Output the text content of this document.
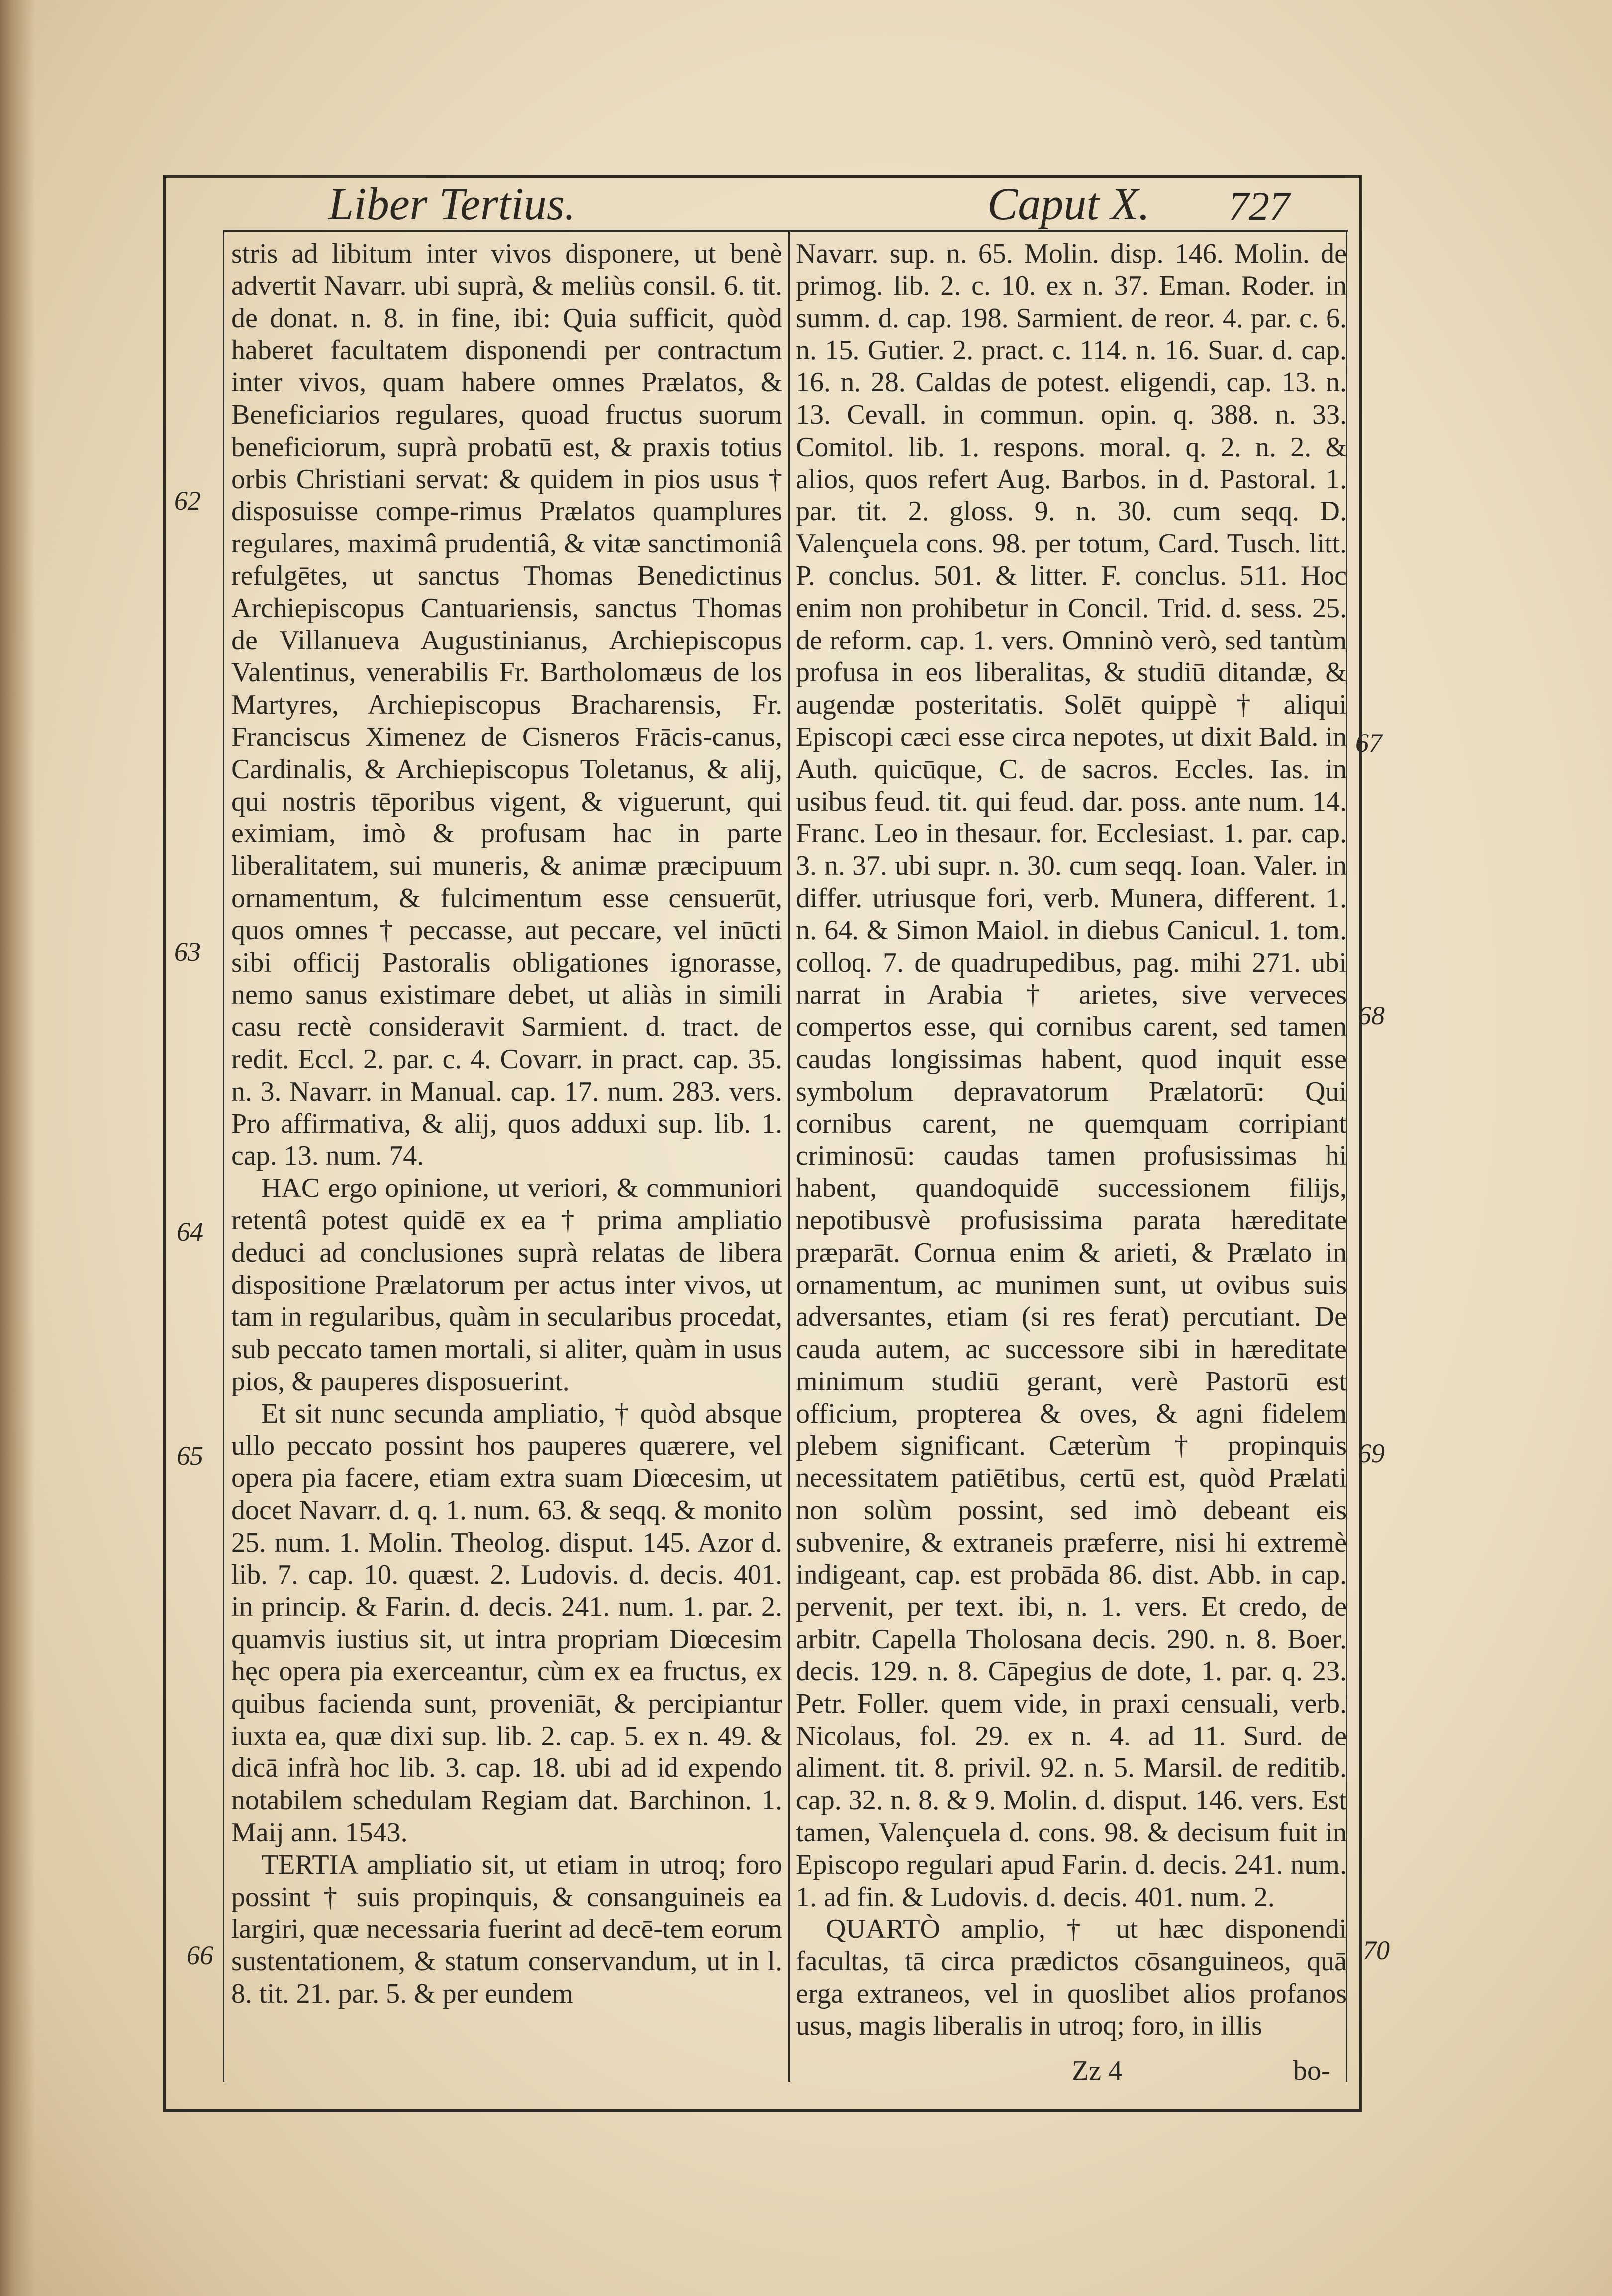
Liber Tertius.	Caput X. 727

stris ad libitum inter vivos disponere, ut benè advertit Navarr. ubi suprà, & meliùs consil. 6. tit. de donat. n. 8. in fine, ibi: Quia sufficit, quòd haberet facultatem disponendi per contractum inter vivos, quam habere omnes Prælatos, & Beneficiarios regulares, quoad fructus suorum beneficiorum, suprà probatū est, & praxis totius orbis Christiani servat: & quidem in pios usus † disposuisse compe-rimus Prælatos quamplures regulares, maximâ prudentiâ, & vitæ sanctimoniâ refulgētes, ut sanctus Thomas Benedictinus Archiepiscopus Cantuariensis, sanctus Thomas de Villanueva Augustinianus, Archiepiscopus Valentinus, venerabilis Fr. Bartholomæus de los Martyres, Archiepiscopus Bracharensis, Fr. Franciscus Ximenez de Cisneros Frācis-canus, Cardinalis, & Archiepiscopus Toletanus, & alij, qui nostris tēporibus vigent, & viguerunt, qui eximiam, imò & profusam hac in parte liberalitatem, sui muneris, & animæ præcipuum ornamentum, & fulcimentum esse censuerūt, quos omnes † peccasse, aut peccare, vel inūcti sibi officij Pastoralis obligationes ignorasse, nemo sanus existimare debet, ut aliàs in simili casu rectè consideravit Sarmient. d. tract. de redit. Eccl. 2. par. c. 4. Covarr. in pract. cap. 35. n. 3. Navarr. in Manual. cap. 17. num. 283. vers. Pro affirmativa, & alij, quos adduxi sup. lib. 1. cap. 13. num. 74.

HAC ergo opinione, ut veriori, & communiori retentâ potest quidē ex ea † prima ampliatio deduci ad conclusiones suprà relatas de libera dispositione Prælatorum per actus inter vivos, ut tam in regularibus, quàm in secularibus procedat, sub peccato tamen mortali, si aliter, quàm in usus pios, & pauperes disposuerint.

Et sit nunc secunda ampliatio, † quòd absque ullo peccato possint hos pauperes quærere, vel opera pia facere, etiam extra suam Diœcesim, ut docet Navarr. d. q. 1. num. 63. & seqq. & monito 25. num. 1. Molin. Theolog. disput. 145. Azor d. lib. 7. cap. 10. quæst. 2. Ludovis. d. decis. 401. in princip. & Farin. d. decis. 241. num. 1. par. 2. quamvis iustius sit, ut intra propriam Diœcesim hęc opera pia exerceantur, cùm ex ea fructus, ex quibus facienda sunt, proveniāt, & percipiantur iuxta ea, quæ dixi sup. lib. 2. cap. 5. ex n. 49. & dicā infrà hoc lib. 3. cap. 18. ubi ad id expendo notabilem schedulam Regiam dat. Barchinon. 1. Maij ann. 1543.

TERTIA ampliatio sit, ut etiam in utroq; foro possint † suis propinquis, & consanguineis ea largiri, quæ necessaria fuerint ad decē-tem eorum sustentationem, & statum conservandum, ut in l. 8. tit. 21. par. 5. & per eundem

Navarr. sup. n. 65. Molin. disp. 146. Molin. de primog. lib. 2. c. 10. ex n. 37. Eman. Roder. in summ. d. cap. 198. Sarmient. de reor. 4. par. c. 6. n. 15. Gutier. 2. pract. c. 114. n. 16. Suar. d. cap. 16. n. 28. Caldas de potest. eligendi, cap. 13. n. 13. Cevall. in commun. opin. q. 388. n. 33. Comitol. lib. 1. respons. moral. q. 2. n. 2. & alios, quos refert Aug. Barbos. in d. Pastoral. 1. par. tit. 2. gloss. 9. n. 30. cum seqq. D. Valençuela cons. 98. per totum, Card. Tusch. litt. P. conclus. 501. & litter. F. conclus. 511. Hoc enim non prohibetur in Concil. Trid. d. sess. 25. de reform. cap. 1. vers. Omninò verò, sed tantùm profusa in eos liberalitas, & studiū ditandæ, & augendæ posteritatis. Solēt quippè † aliqui Episcopi cæci esse circa nepotes, ut dixit Bald. in Auth. quicūque, C. de sacros. Eccles. Ias. in usibus feud. tit. qui feud. dar. poss. ante num. 14. Franc. Leo in thesaur. for. Ecclesiast. 1. par. cap. 3. n. 37. ubi supr. n. 30. cum seqq. Ioan. Valer. in differ. utriusque fori, verb. Munera, different. 1. n. 64. & Simon Maiol. in diebus Canicul. 1. tom. colloq. 7. de quadrupedibus, pag. mihi 271. ubi narrat in Arabia † arietes, sive verveces compertos esse, qui cornibus carent, sed tamen caudas longissimas habent, quod inquit esse symbolum depravatorum Prælatorū: Qui cornibus carent, ne quemquam corripiant criminosū: caudas tamen profusissimas hi habent, quandoquidē successionem filijs, nepotibusvè profusissima parata hæreditate præparāt. Cornua enim & arieti, & Prælato in ornamentum, ac munimen sunt, ut ovibus suis adversantes, etiam (si res ferat) percutiant. De cauda autem, ac successore sibi in hæreditate minimum studiū gerant, verè Pastorū est officium, propterea & oves, & agni fidelem plebem significant. Cæterùm † propinquis necessitatem patiētibus, certū est, quòd Prælati non solùm possint, sed imò debeant eis subvenire, & extraneis præferre, nisi hi extremè indigeant, cap. est probāda 86. dist. Abb. in cap. pervenit, per text. ibi, n. 1. vers. Et credo, de arbitr. Capella Tholosana decis. 290. n. 8. Boer. decis. 129. n. 8. Cāpegius de dote, 1. par. q. 23. Petr. Foller. quem vide, in praxi censuali, verb. Nicolaus, fol. 29. ex n. 4. ad 11. Surd. de aliment. tit. 8. privil. 92. n. 5. Marsil. de reditib. cap. 32. n. 8. & 9. Molin. d. disput. 146. vers. Est tamen, Valençuela d. cons. 98. & decisum fuit in Episcopo regulari apud Farin. d. decis. 241. num. 1. ad fin. & Ludovis. d. decis. 401. num. 2.

QUARTÒ amplio, † ut hæc disponendi facultas, tā circa prædictos cōsanguineos, quā erga extraneos, vel in quoslibet alios profanos usus, magis liberalis in utroq; foro, in illis

62
63
64
65
66
67
68
69
70
Zz 4	bo-
